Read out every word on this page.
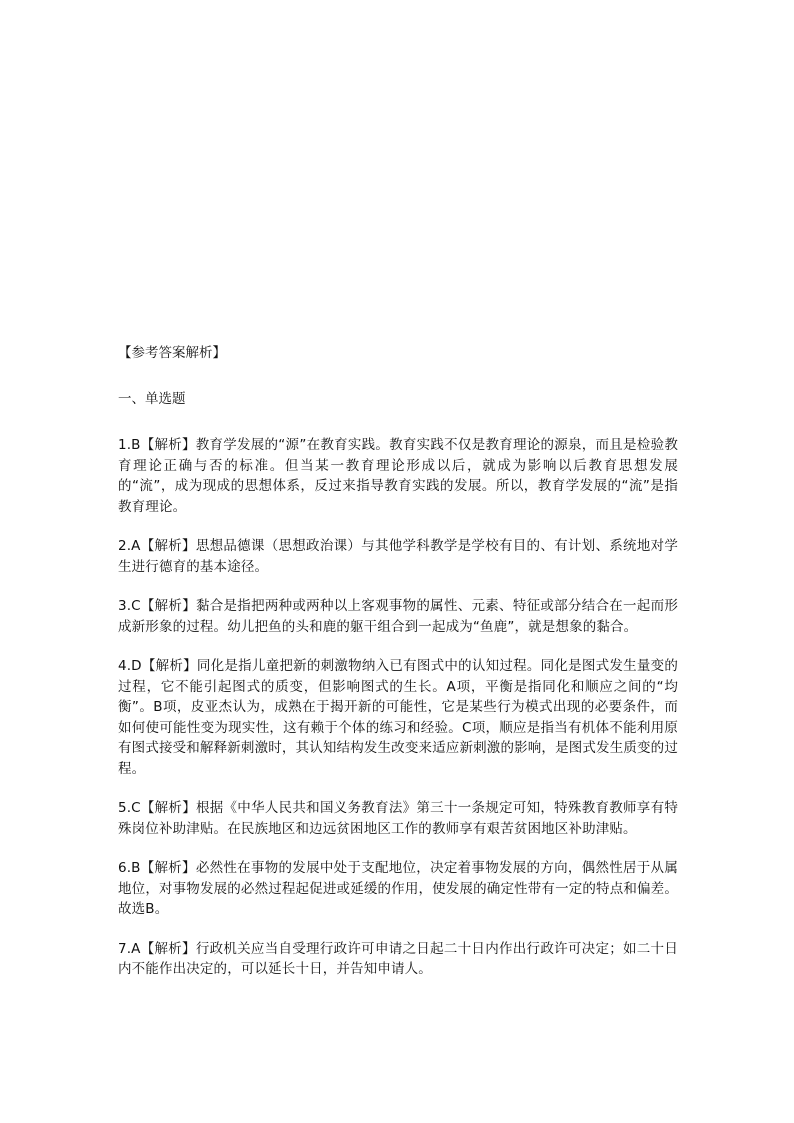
【参考答案解析】
一、单选题

1.B【解析】教育学发展的“源”在教育实践。教育实践不仅是教育理论的源泉，而且是检验教育理论正确与否的标准。但当某一教育理论形成以后，就成为影响以后教育思想发展的“流”，成为现成的思想体系，反过来指导教育实践的发展。所以，教育学发展的“流”是指教育理论。

2.A【解析】思想品德课（思想政治课）与其他学科教学是学校有目的、有计划、系统地对学生进行德育的基本途径。

3.C【解析】黏合是指把两种或两种以上客观事物的属性、元素、特征或部分结合在一起而形成新形象的过程。幼儿把鱼的头和鹿的躯干组合到一起成为“鱼鹿”，就是想象的黏合。

4.D【解析】同化是指儿童把新的刺激物纳入已有图式中的认知过程。同化是图式发生量变的过程，它不能引起图式的质变，但影响图式的生长。A项，平衡是指同化和顺应之间的“均衡”。B项，皮亚杰认为，成熟在于揭开新的可能性，它是某些行为模式出现的必要条件，而如何使可能性变为现实性，这有赖于个体的练习和经验。C项，顺应是指当有机体不能利用原有图式接受和解释新刺激时，其认知结构发生改变来适应新刺激的影响，是图式发生质变的过程。

5.C【解析】根据《中华人民共和国义务教育法》第三十一条规定可知，特殊教育教师享有特殊岗位补助津贴。在民族地区和边远贫困地区工作的教师享有艰苦贫困地区补助津贴。

6.B【解析】必然性在事物的发展中处于支配地位，决定着事物发展的方向，偶然性居于从属地位，对事物发展的必然过程起促进或延缓的作用，使发展的确定性带有一定的特点和偏差。故选B。

7.A【解析】行政机关应当自受理行政许可申请之日起二十日内作出行政许可决定；如二十日内不能作出决定的，可以延长十日，并告知申请人。
